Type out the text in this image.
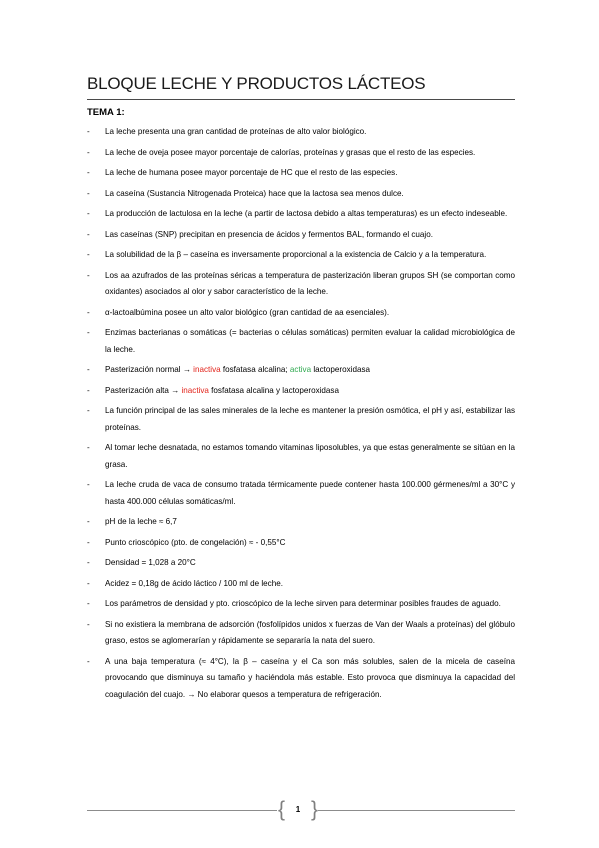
BLOQUE LECHE Y PRODUCTOS LÁCTEOS
TEMA 1:
-	La leche presenta una gran cantidad de proteínas de alto valor biológico.
-	La leche de oveja posee mayor porcentaje de calorías, proteínas y grasas que el resto de las especies.
-	La leche de humana posee mayor porcentaje de HC que el resto de las especies.
-	La caseína (Sustancia Nitrogenada Proteica) hace que la lactosa sea menos dulce.
-	La producción de lactulosa en la leche (a partir de lactosa debido a altas temperaturas) es un efecto indeseable.
-	Las caseínas (SNP) precipitan en presencia de ácidos y fermentos BAL, formando el cuajo.
-	La solubilidad de la β – caseína es inversamente proporcional a la existencia de Calcio y a la temperatura.
-	Los aa azufrados de las proteínas séricas a temperatura de pasterización liberan grupos SH (se comportan como oxidantes) asociados al olor y sabor característico de la leche.
-	α-lactoalbúmina posee un alto valor biológico (gran cantidad de aa esenciales).
-	Enzimas bacterianas o somáticas (= bacterias o células somáticas) permiten evaluar la calidad microbiológica de la leche.
-	Pasterización normal → inactiva fosfatasa alcalina; activa lactoperoxidasa
-	Pasterización alta → inactiva fosfatasa alcalina y lactoperoxidasa
-	La función principal de las sales minerales de la leche es mantener la presión osmótica, el pH y así, estabilizar las proteínas.
-	Al tomar leche desnatada, no estamos tomando vitaminas liposolubles, ya que estas generalmente se sitúan en la grasa.
-	La leche cruda de vaca de consumo tratada térmicamente puede contener hasta 100.000 gérmenes/ml a 30°C y hasta 400.000 células somáticas/ml.
-	pH de la leche ≈ 6,7
-	Punto crioscópico (pto. de congelación) ≈ - 0,55°C
-	Densidad = 1,028 a 20°C
-	Acidez = 0,18g de ácido láctico / 100 ml de leche.
-	Los parámetros de densidad y pto. crioscópico de la leche sirven para determinar posibles fraudes de aguado.
-	Si no existiera la membrana de adsorción (fosfolípidos unidos x fuerzas de Van der Waals a proteínas) del glóbulo graso, estos se aglomerarían y rápidamente se separaría la nata del suero.
-	A una baja temperatura (≈ 4°C), la β – caseína y el Ca son más solubles, salen de la micela de caseína provocando que disminuya su tamaño y haciéndola más estable. Esto provoca que disminuya la capacidad del coagulación del cuajo. → No elaborar quesos a temperatura de refrigeración.
{ 1 }
